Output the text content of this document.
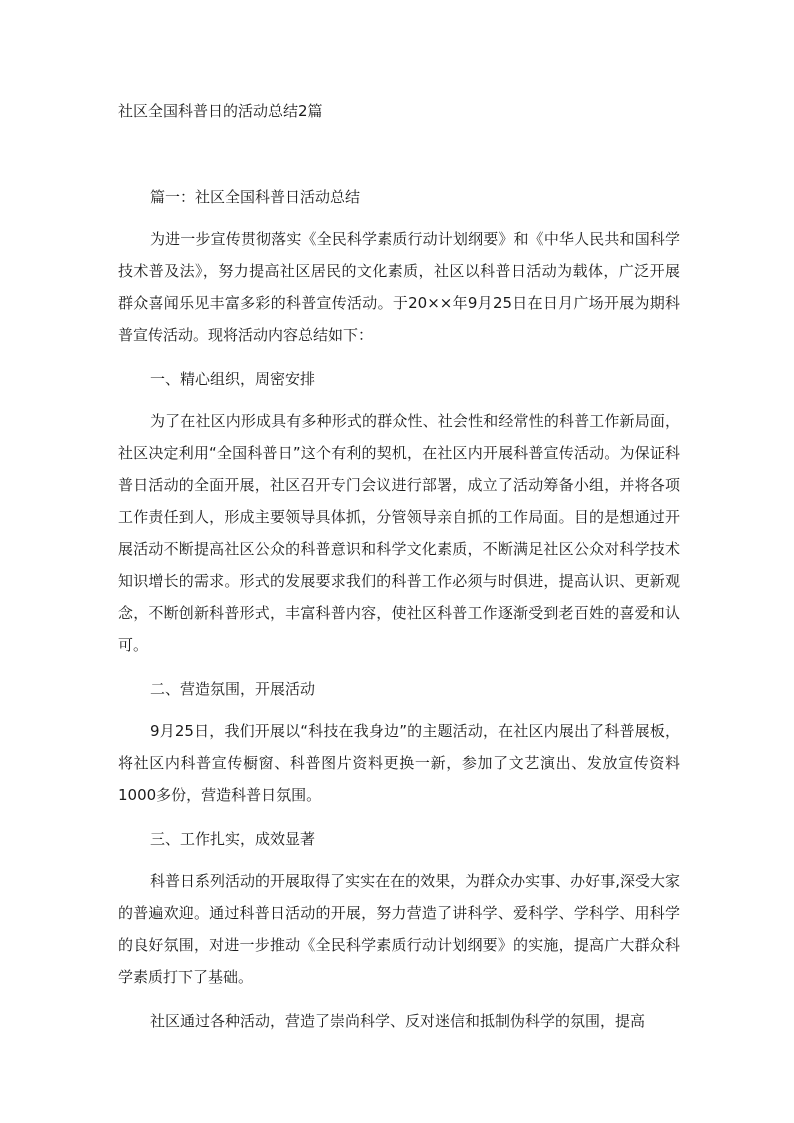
社区全国科普日的活动总结2篇

篇一：社区全国科普日活动总结

为进一步宣传贯彻落实《全民科学素质行动计划纲要》和《中华人民共和国科学技术普及法》，努力提高社区居民的文化素质，社区以科普日活动为载体，广泛开展群众喜闻乐见丰富多彩的科普宣传活动。于20××年9月25日在日月广场开展为期科普宣传活动。现将活动内容总结如下：

一、精心组织，周密安排

为了在社区内形成具有多种形式的群众性、社会性和经常性的科普工作新局面，社区决定利用“全国科普日”这个有利的契机，在社区内开展科普宣传活动。为保证科普日活动的全面开展，社区召开专门会议进行部署，成立了活动筹备小组，并将各项工作责任到人，形成主要领导具体抓，分管领导亲自抓的工作局面。目的是想通过开展活动不断提高社区公众的科普意识和科学文化素质，不断满足社区公众对科学技术知识增长的需求。形式的发展要求我们的科普工作必须与时俱进，提高认识、更新观念，不断创新科普形式，丰富科普内容，使社区科普工作逐渐受到老百姓的喜爱和认可。

二、营造氛围，开展活动

9月25日，我们开展以“科技在我身边”的主题活动，在社区内展出了科普展板，将社区内科普宣传橱窗、科普图片资料更换一新，参加了文艺演出、发放宣传资料1000多份，营造科普日氛围。

三、工作扎实，成效显著

科普日系列活动的开展取得了实实在在的效果，为群众办实事、办好事,深受大家的普遍欢迎。通过科普日活动的开展，努力营造了讲科学、爱科学、学科学、用科学的良好氛围，对进一步推动《全民科学素质行动计划纲要》的实施，提高广大群众科学素质打下了基础。

社区通过各种活动，营造了崇尚科学、反对迷信和抵制伪科学的氛围，提高
